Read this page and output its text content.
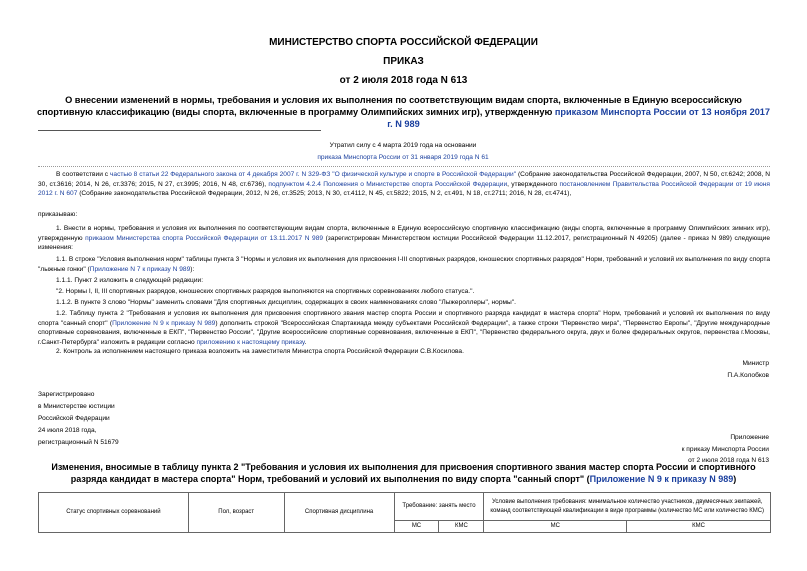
МИНИСТЕРСТВО СПОРТА РОССИЙСКОЙ ФЕДЕРАЦИИ
ПРИКАЗ
от 2 июля 2018 года N 613
О внесении изменений в нормы, требования и условия их выполнения по соответствующим видам спорта, включенные в Единую всероссийскую спортивную классификацию (виды спорта, включенные в программу Олимпийских зимних игр), утвержденную приказом Минспорта России от 13 ноября 2017 г. N 989
Утратил силу с 4 марта 2019 года на основании
приказа Минспорта России от 31 января 2019 года N 61
В соответствии с частью 8 статьи 22 Федерального закона от 4 декабря 2007 г. N 329-ФЗ "О физической культуре и спорте в Российской Федерации" (Собрание законодательства Российской Федерации, 2007, N 50, ст.6242; 2008, N 30, ст.3616; 2014, N 26, ст.3376; 2015, N 27, ст.3995; 2016, N 48, ст.6736), подпунктом 4.2.4 Положения о Министерстве спорта Российской Федерации, утвержденного постановлением Правительства Российской Федерации от 19 июня 2012 г. N 607 (Собрание законодательства Российской Федерации, 2012, N 26, ст.3525; 2013, N 30, ст.4112, N 45, ст.5822; 2015, N 2, ст.491, N 18, ст.2711; 2016, N 28, ст.4741),
приказываю:
1. Внести в нормы, требования и условия их выполнения по соответствующим видам спорта, включенные в Единую всероссийскую спортивную классификацию (виды спорта, включенные в программу Олимпийских зимних игр), утвержденную приказом Министерства спорта Российской Федерации от 13.11.2017 N 989 (зарегистрирован Министерством юстиции Российской Федерации 11.12.2017, регистрационный N 49205) (далее - приказ N 989) следующие изменения:
1.1. В строке "Условия выполнения норм" таблицы пункта 3 "Нормы и условия их выполнения для присвоения I-III спортивных разрядов, юношеских спортивных разрядов" Норм, требований и условий их выполнения по виду спорта "лыжные гонки" (Приложение N 7 к приказу N 989):
1.1.1. Пункт 2 изложить в следующей редакции:
"2. Нормы I, II, III спортивных разрядов, юношеских спортивных разрядов выполняются на спортивных соревнованиях любого статуса.".
1.1.2. В пункте 3 слово "Нормы" заменить словами "Для спортивных дисциплин, содержащих в своих наименованиях слово "Лыжероллеры", нормы".
1.2. Таблицу пункта 2 "Требования и условия их выполнения для присвоения спортивного звания мастер спорта России и спортивного разряда кандидат в мастера спорта" Норм, требований и условий их выполнения по виду спорта "санный спорт" (Приложение N 9 к приказу N 989) дополнить строкой "Всероссийская Спартакиада между субъектами Российской Федерации", а также строки "Первенство мира", "Первенство Европы", "Другие международные спортивные соревнования, включенные в ЕКП", "Первенство России", "Другие всероссийские спортивные соревнования, включенные в ЕКП", "Первенство федерального округа, двух и более федеральных округов, первенства г.Москвы, г.Санкт-Петербурга" изложить в редакции согласно приложению к настоящему приказу.
2. Контроль за исполнением настоящего приказа возложить на заместителя Министра спорта Российской Федерации С.В.Косилова.
Министр
П.А.Колобков
Зарегистрировано
в Министерстве юстиции
Российской Федерации
24 июля 2018 года,
регистрационный N 51679
Приложение
к приказу Минспорта России
от 2 июля 2018 года N 613
Изменения, вносимые в таблицу пункта 2 "Требования и условия их выполнения для присвоения спортивного звания мастер спорта России и спортивного разряда кандидат в мастера спорта" Норм, требований и условий их выполнения по виду спорта "санный спорт" (Приложение N 9 к приказу N 989)
Статус спортивных соревнований	Пол, возраст	Спортивная дисциплина	Требование: занять место		Условие выполнения требования: минимальное количество участников, двумесячных экипажей, команд соответствующей квалификации в виде программы (количество МС или количество КМС)	
			МС	КМС	МС	КМС
